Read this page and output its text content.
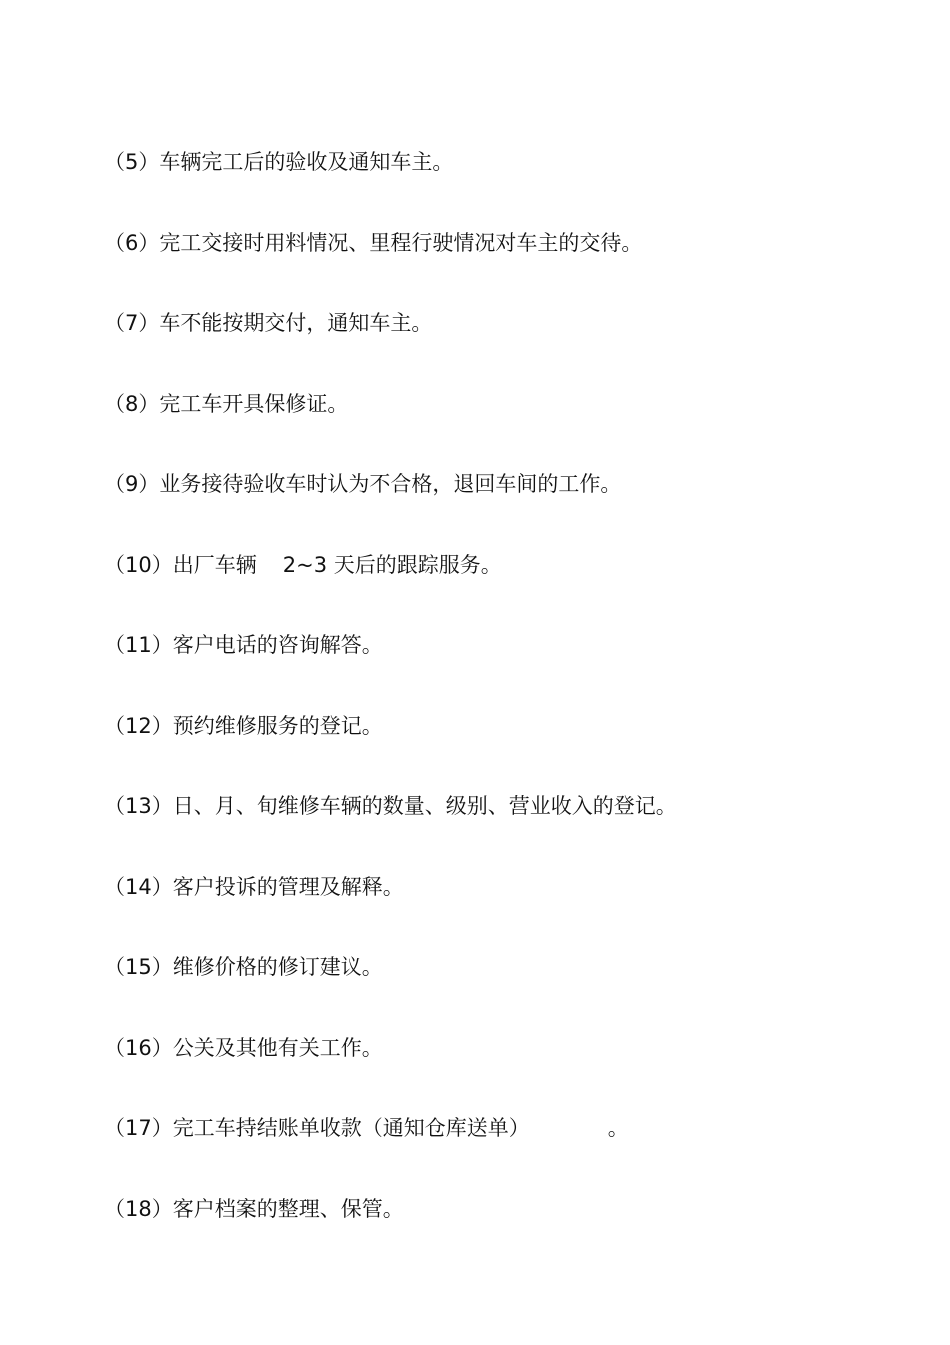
（5）车辆完工后的验收及通知车主。
（6）完工交接时用料情况、里程行驶情况对车主的交待。
（7）车不能按期交付，通知车主。
（8）完工车开具保修证。
（9）业务接待验收车时认为不合格，退回车间的工作。
（10）出厂车辆 2~3 天后的跟踪服务。
（11）客户电话的咨询解答。
（12）预约维修服务的登记。
（13）日、月、旬维修车辆的数量、级别、营业收入的登记。
（14）客户投诉的管理及解释。
（15）维修价格的修订建议。
（16）公关及其他有关工作。
（17）完工车持结账单收款（通知仓库送单）	。
（18）客户档案的整理、保管。
